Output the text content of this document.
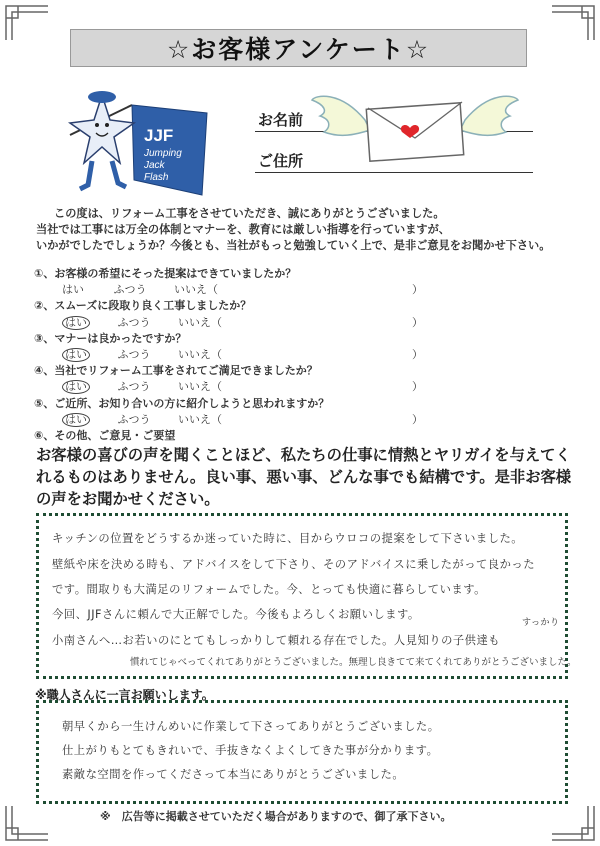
☆お客様アンケート☆
JJF
Jumping
Jack
Flash
お名前
ご住所
この度は、リフォーム工事をさせていただき、誠にありがとうございました。
当社では工事には万全の体制とマナーを、教育には厳しい指導を行っていますが、
いかがでしたでしょうか？今後とも、当社がもっと勉強していく上で、是非ご意見をお聞かせ下さい。
①、お客様の希望にそった提案はできていましたか？
はい	ふつう	いいえ（	）
②、スムーズに段取り良く工事しましたか？
はい	ふつう	いいえ（	）
③、マナーは良かったですか？
はい	ふつう	いいえ（	）
④、当社でリフォーム工事をされてご満足できましたか？
はい	ふつう	いいえ（	）
⑤、ご近所、お知り合いの方に紹介しようと思われますか？
はい	ふつう	いいえ（	）
⑥、その他、ご意見・ご要望
お客様の喜びの声を聞くことほど、私たちの仕事に情熱とヤリガイを与えてくれるものはありません。良い事、悪い事、どんな事でも結構です。是非お客様の声をお聞かせください。
キッチンの位置をどうするか迷っていた時に、目からウロコの提案をして下さいました。
壁紙や床を決める時も、アドバイスをして下さり、そのアドバイスに乗したがって良かった
です。間取りも大満足のリフォームでした。今、とっても快適に暮らしています。
今回、JJFさんに頼んで大正解でした。今後もよろしくお願いします。
すっかり
小南さんへ…お若いのにとてもしっかりして頼れる存在でした。人見知りの子供達も
慣れてじゃべってくれてありがとうございました。無理し良きてて来てくれてありがとうございました。
※職人さんに一言お願いします。
朝早くから一生けんめいに作業して下さってありがとうございました。
仕上がりもとてもきれいで、手抜きなくよくしてきた事が分かります。
素敵な空間を作ってくださって本当にありがとうございました。
※　広告等に掲載させていただく場合がありますので、御了承下さい。
